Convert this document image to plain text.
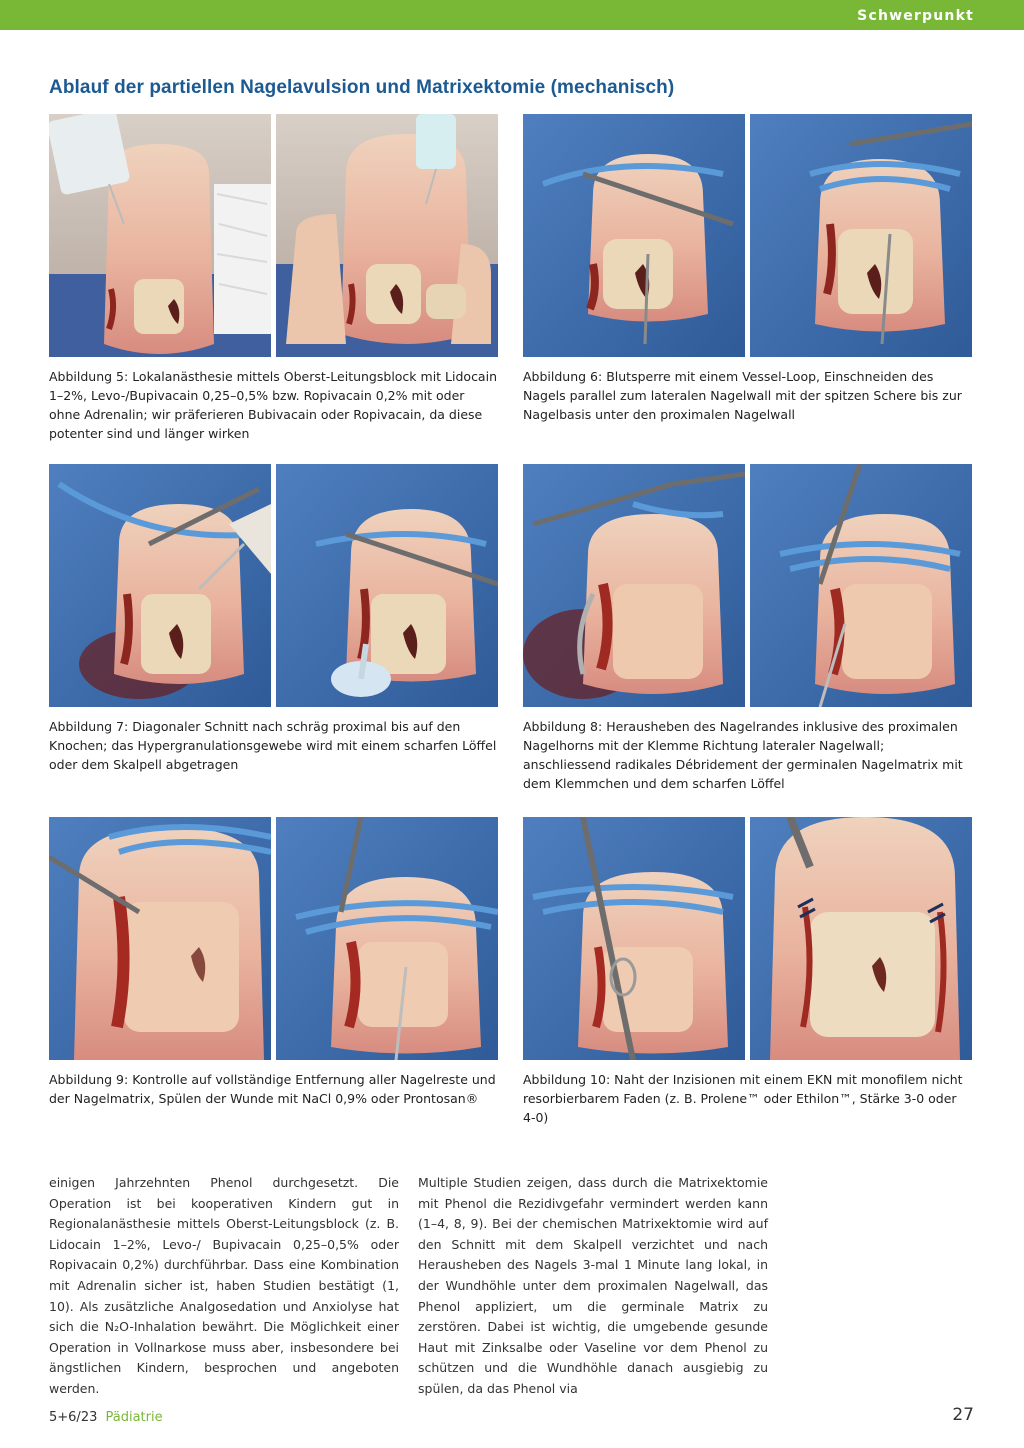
Schwerpunkt
Ablauf der partiellen Nagelavulsion und Matrixektomie (mechanisch)

Abbildung 5: Lokalanästhesie mittels Oberst-Leitungsblock mit Lidocain 1–2%, Levo-/Bupivacain 0,25–0,5% bzw. Ropivacain 0,2% mit oder ohne Adrenalin; wir präferieren Bubivacain oder Ropivacain, da diese potenter sind und länger wirken

Abbildung 6: Blutsperre mit einem Vessel-Loop, Einschneiden des Nagels parallel zum lateralen Nagelwall mit der spitzen Schere bis zur Nagelbasis unter den proximalen Nagelwall

Abbildung 7: Diagonaler Schnitt nach schräg proximal bis auf den Knochen; das Hypergranulationsgewebe wird mit einem scharfen Löffel oder dem Skalpell abgetragen

Abbildung 8: Herausheben des Nagelrandes inklusive des proximalen Nagelhorns mit der Klemme Richtung lateraler Nagelwall; anschliessend radikales Débridement der germinalen Nagelmatrix mit dem Klemmchen und dem scharfen Löffel

Abbildung 9: Kontrolle auf vollständige Entfernung aller Nagelreste und der Nagelmatrix, Spülen der Wunde mit NaCl 0,9% oder Prontosan®

Abbildung 10: Naht der Inzisionen mit einem EKN mit monofilem nicht resorbierbarem Faden (z. B. Prolene™ oder Ethilon™, Stärke 3-0 oder 4-0)

einigen Jahrzehnten Phenol durchgesetzt. Die Operation ist bei kooperativen Kindern gut in Regionalanästhesie mittels Oberst-Leitungsblock (z. B. Lidocain 1–2%, Levo-/ Bupivacain 0,25–0,5% oder Ropivacain 0,2%) durchführbar. Dass eine Kombination mit Adrenalin sicher ist, haben Studien bestätigt (1, 10). Als zusätzliche Analgosedation und Anxiolyse hat sich die N₂O-Inhalation bewährt. Die Möglichkeit einer Operation in Vollnarkose muss aber, insbesondere bei ängstlichen Kindern, besprochen und angeboten werden.

Multiple Studien zeigen, dass durch die Matrixektomie mit Phenol die Rezidivgefahr vermindert werden kann (1–4, 8, 9). Bei der chemischen Matrixektomie wird auf den Schnitt mit dem Skalpell verzichtet und nach Herausheben des Nagels 3-mal 1 Minute lang lokal, in der Wundhöhle unter dem proximalen Nagelwall, das Phenol appliziert, um die germinale Matrix zu zerstören. Dabei ist wichtig, die umgebende gesunde Haut mit Zinksalbe oder Vaseline vor dem Phenol zu schützen und die Wundhöhle danach ausgiebig zu spülen, da das Phenol via

5+6/23 Pädiatrie	27
